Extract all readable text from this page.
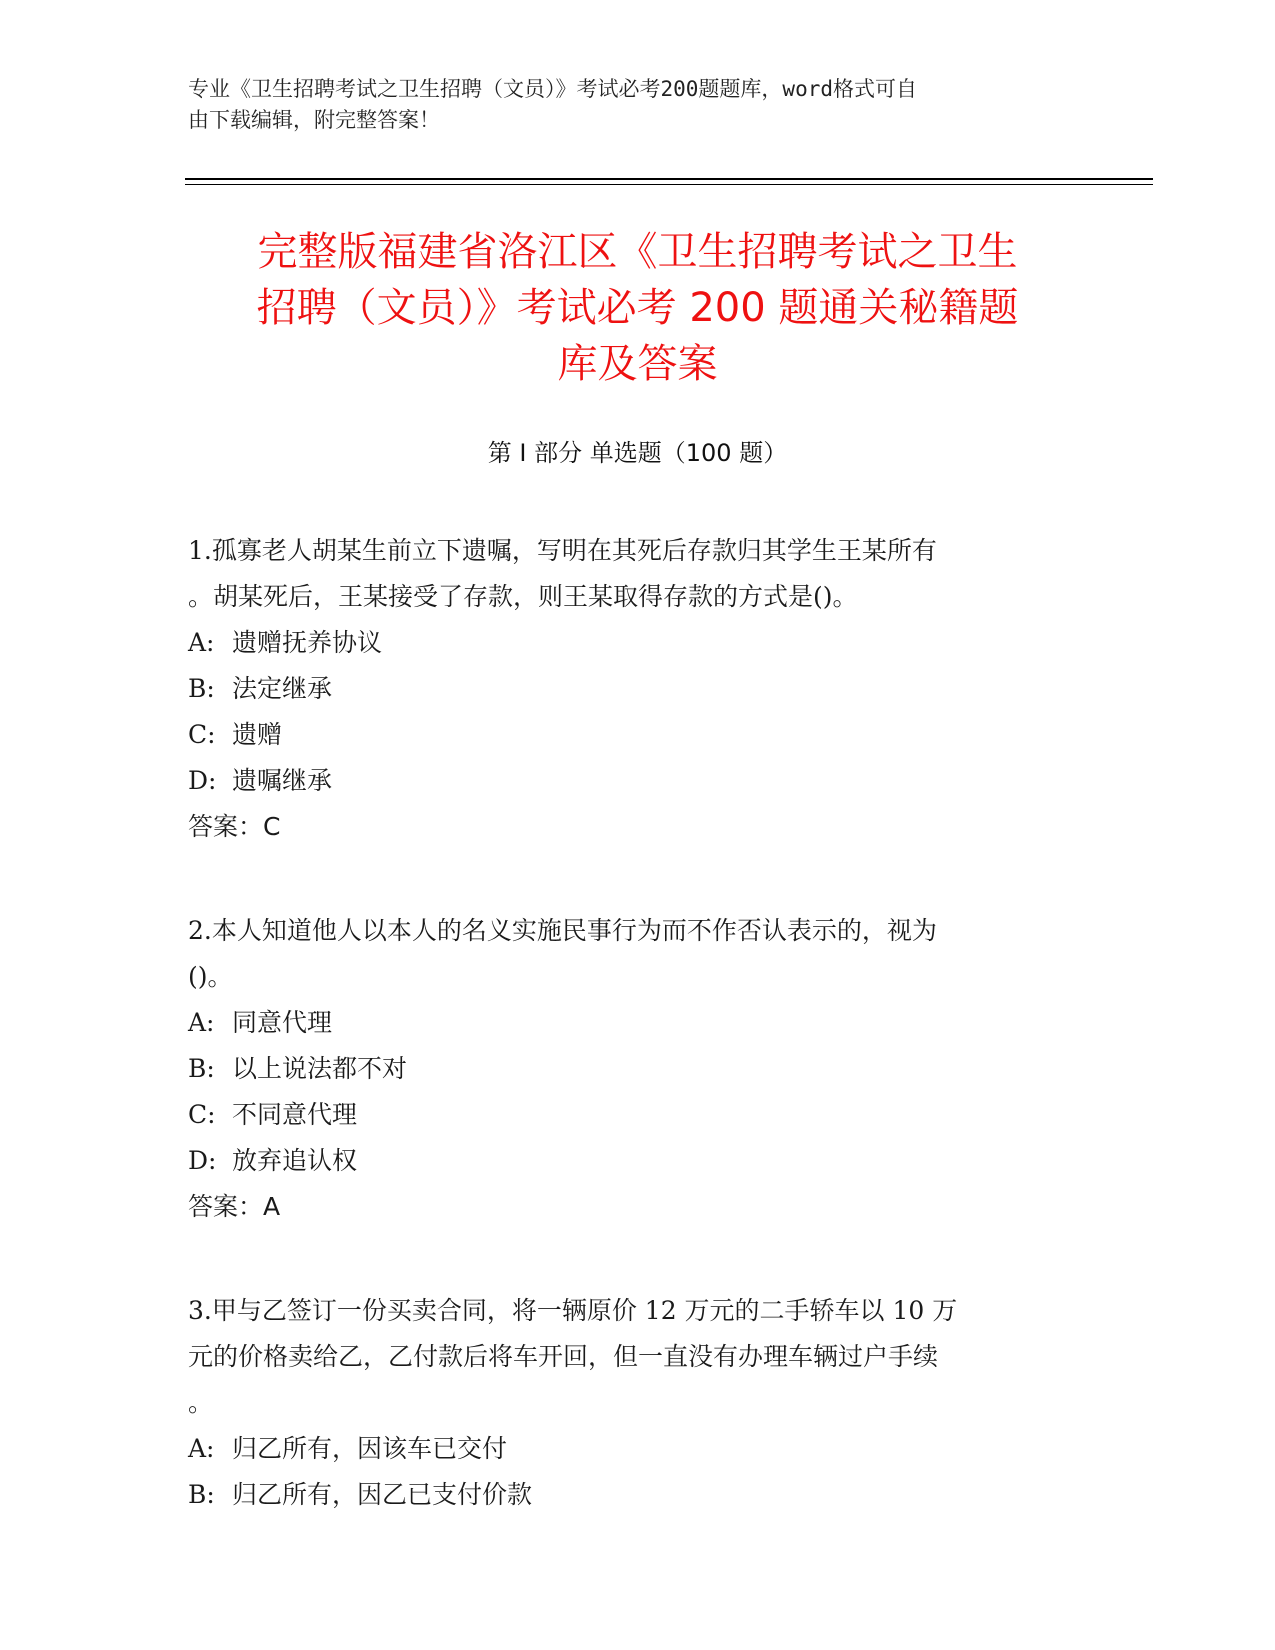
专业《卫生招聘考试之卫生招聘（文员）》考试必考200题题库，word格式可自
由下载编辑，附完整答案！
完整版福建省洛江区《卫生招聘考试之卫生
招聘（文员）》考试必考 200 题通关秘籍题
库及答案
第 I 部分 单选题（100 题）
1.孤寡老人胡某生前立下遗嘱，写明在其死后存款归其学生王某所有
。胡某死后，王某接受了存款，则王某取得存款的方式是()。
A: 遗赠抚养协议
B: 法定继承
C: 遗赠
D: 遗嘱继承
答案：C
2.本人知道他人以本人的名义实施民事行为而不作否认表示的，视为
()。
A: 同意代理
B: 以上说法都不对
C: 不同意代理
D: 放弃追认权
答案：A
3.甲与乙签订一份买卖合同，将一辆原价 12 万元的二手轿车以 10 万
元的价格卖给乙，乙付款后将车开回，但一直没有办理车辆过户手续
。
A: 归乙所有，因该车已交付
B: 归乙所有，因乙已支付价款
